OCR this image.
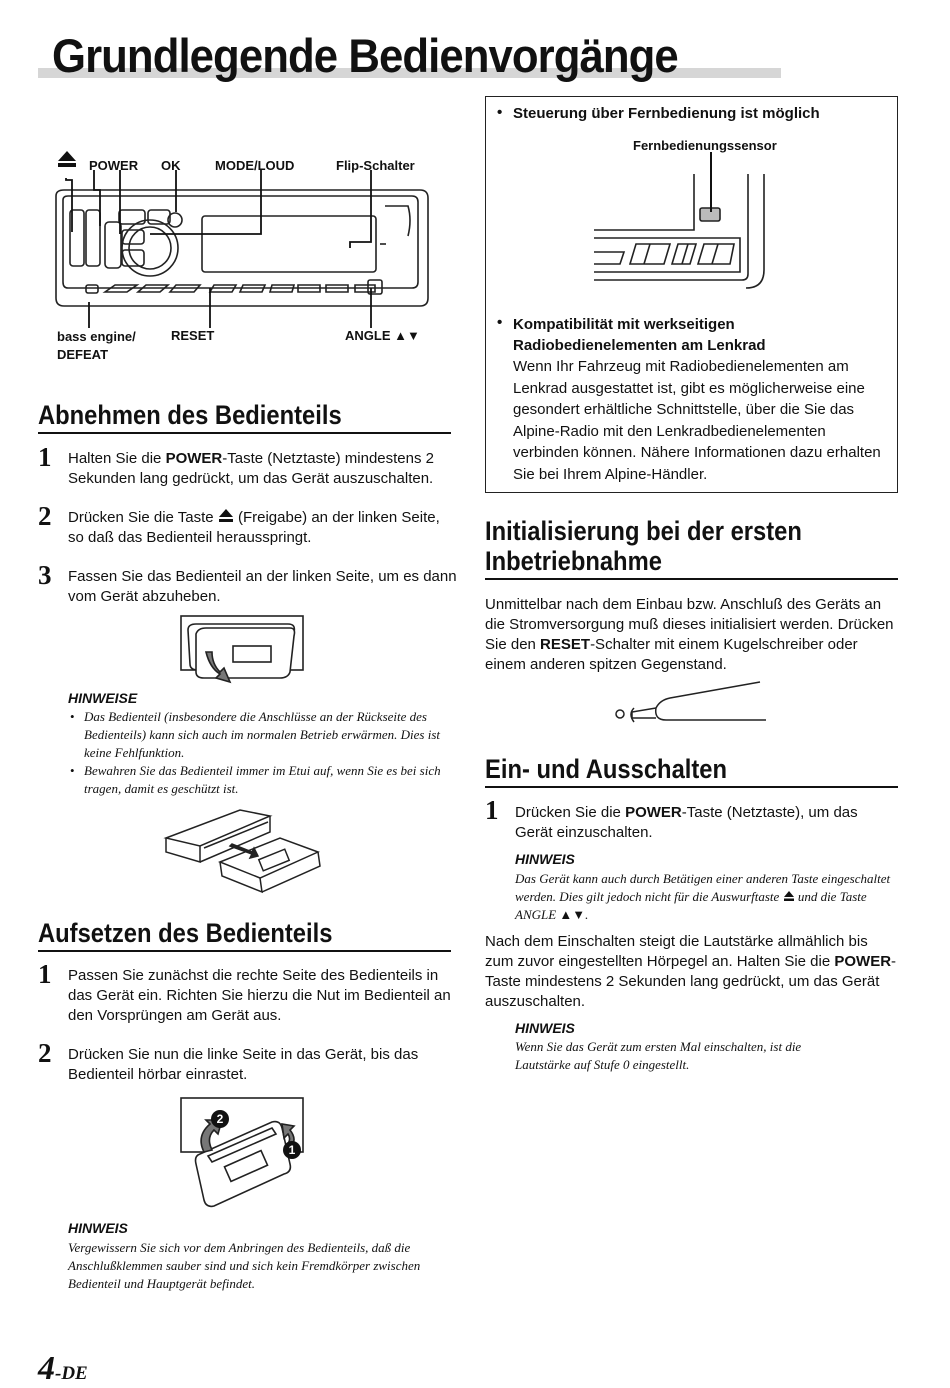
Grundlegende Bedienvorgänge
POWER OK	MODE/LOUD	Flip-Schalter
bass engine/
DEFEAT
RESET	ANGLE ▲▼
Abnehmen des Bedienteils
1 Halten Sie die POWER-Taste (Netztaste) mindestens 2 Sekunden lang gedrückt, um das Gerät auszuschalten.
2 Drücken Sie die Taste  (Freigabe) an der linken Seite, so daß das Bedienteil herausspringt.
3 Fassen Sie das Bedienteil an der linken Seite, um es dann vom Gerät abzuheben.
HINWEISE
• Das Bedienteil (insbesondere die Anschlüsse an der Rückseite des Bedienteils) kann sich auch im normalen Betrieb erwärmen. Dies ist keine Fehlfunktion.
• Bewahren Sie das Bedienteil immer im Etui auf, wenn Sie es bei sich tragen, damit es geschützt ist.
Aufsetzen des Bedienteils
1 Passen Sie zunächst die rechte Seite des Bedienteils in das Gerät ein. Richten Sie hierzu die Nut im Bedienteil an den Vorsprüngen am Gerät aus.
2 Drücken Sie nun die linke Seite in das Gerät, bis das Bedienteil hörbar einrastet.
2
1
HINWEIS
Vergewissern Sie sich vor dem Anbringen des Bedienteils, daß die Anschlußklemmen sauber sind und sich kein Fremdkörper zwischen Bedienteil und Hauptgerät befindet.
4-DE
• Steuerung über Fernbedienung ist möglich
Fernbedienungssensor
• Kompatibilität mit werkseitigen
Radiobedienelementen am Lenkrad
Wenn Ihr Fahrzeug mit Radiobedienelementen am Lenkrad ausgestattet ist, gibt es möglicherweise eine gesondert erhältliche Schnittstelle, über die Sie das Alpine-Radio mit den Lenkradbedienelementen verbinden können. Nähere Informationen dazu erhalten Sie bei Ihrem Alpine-Händler.
Initialisierung bei der ersten
Inbetriebnahme
Unmittelbar nach dem Einbau bzw. Anschluß des Geräts an die Stromversorgung muß dieses initialisiert werden. Drücken Sie den RESET-Schalter mit einem Kugelschreiber oder einem anderen spitzen Gegenstand.
Ein- und Ausschalten
1 Drücken Sie die POWER-Taste (Netztaste), um das Gerät einzuschalten.
HINWEIS
Das Gerät kann auch durch Betätigen einer anderen Taste eingeschaltet werden. Dies gilt jedoch nicht für die Auswurftaste  und die Taste ANGLE ▲▼.
Nach dem Einschalten steigt die Lautstärke allmählich bis zum zuvor eingestellten Hörpegel an. Halten Sie die POWER-Taste mindestens 2 Sekunden lang gedrückt, um das Gerät auszuschalten.
HINWEIS
Wenn Sie das Gerät zum ersten Mal einschalten, ist die Lautstärke auf Stufe 0 eingestellt.
